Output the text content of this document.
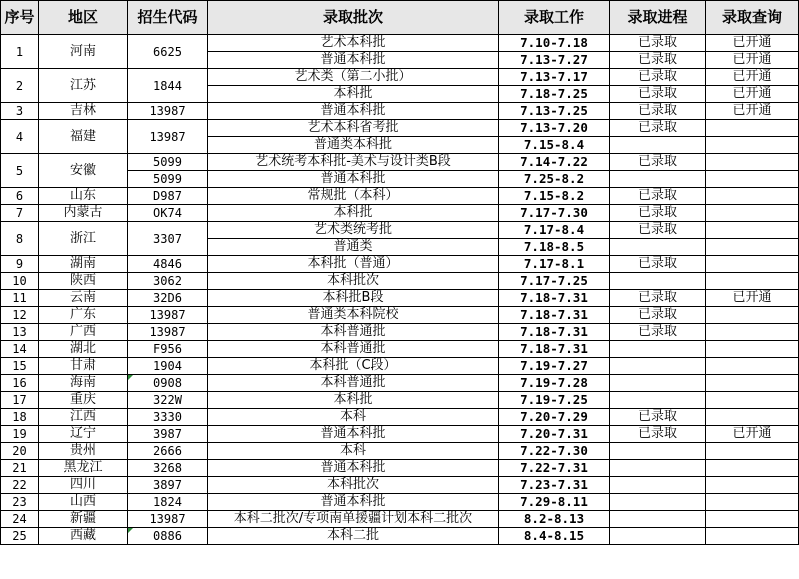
序号	地区	招生代码	录取批次	录取工作	录取进程	录取查询
1	河南	6625	艺术本科批	7.10-7.18	已录取	已开通
			普通本科批	7.13-7.27	已录取	已开通
2	江苏	1844	艺术类（第二小批）	7.13-7.17	已录取	已开通
			本科批	7.18-7.25	已录取	已开通
3	吉林	13987	普通本科批	7.13-7.25	已录取	已开通
4	福建	13987	艺术本科省考批	7.13-7.20	已录取	
			普通类本科批	7.15-8.4		
5	安徽	5099	艺术统考本科批-美术与设计类B段	7.14-7.22	已录取	
		5099	普通本科批	7.25-8.2		
6	山东	D987	常规批（本科）	7.15-8.2	已录取	
7	内蒙古	OK74	本科批	7.17-7.30	已录取	
8	浙江	3307	艺术类统考批	7.17-8.4	已录取	
			普通类	7.18-8.5		
9	湖南	4846	本科批（普通）	7.17-8.1	已录取	
10	陕西	3062	本科批次	7.17-7.25		
11	云南	32D6	本科批B段	7.18-7.31	已录取	已开通
12	广东	13987	普通类本科院校	7.18-7.31	已录取	
13	广西	13987	本科普通批	7.18-7.31	已录取	
14	湖北	F956	本科普通批	7.18-7.31		
15	甘肃	1904	本科批（C段）	7.19-7.27		
16	海南	0908	本科普通批	7.19-7.28		
17	重庆	322W	本科批	7.19-7.25		
18	江西	3330	本科	7.20-7.29	已录取	
19	辽宁	3987	普通本科批	7.20-7.31	已录取	已开通
20	贵州	2666	本科	7.22-7.30		
21	黑龙江	3268	普通本科批	7.22-7.31		
22	四川	3897	本科批次	7.23-7.31		
23	山西	1824	普通本科批	7.29-8.11		
24	新疆	13987	本科二批次/专项南单援疆计划本科二批次	8.2-8.13		
25	西藏	0886	本科二批	8.4-8.15		
